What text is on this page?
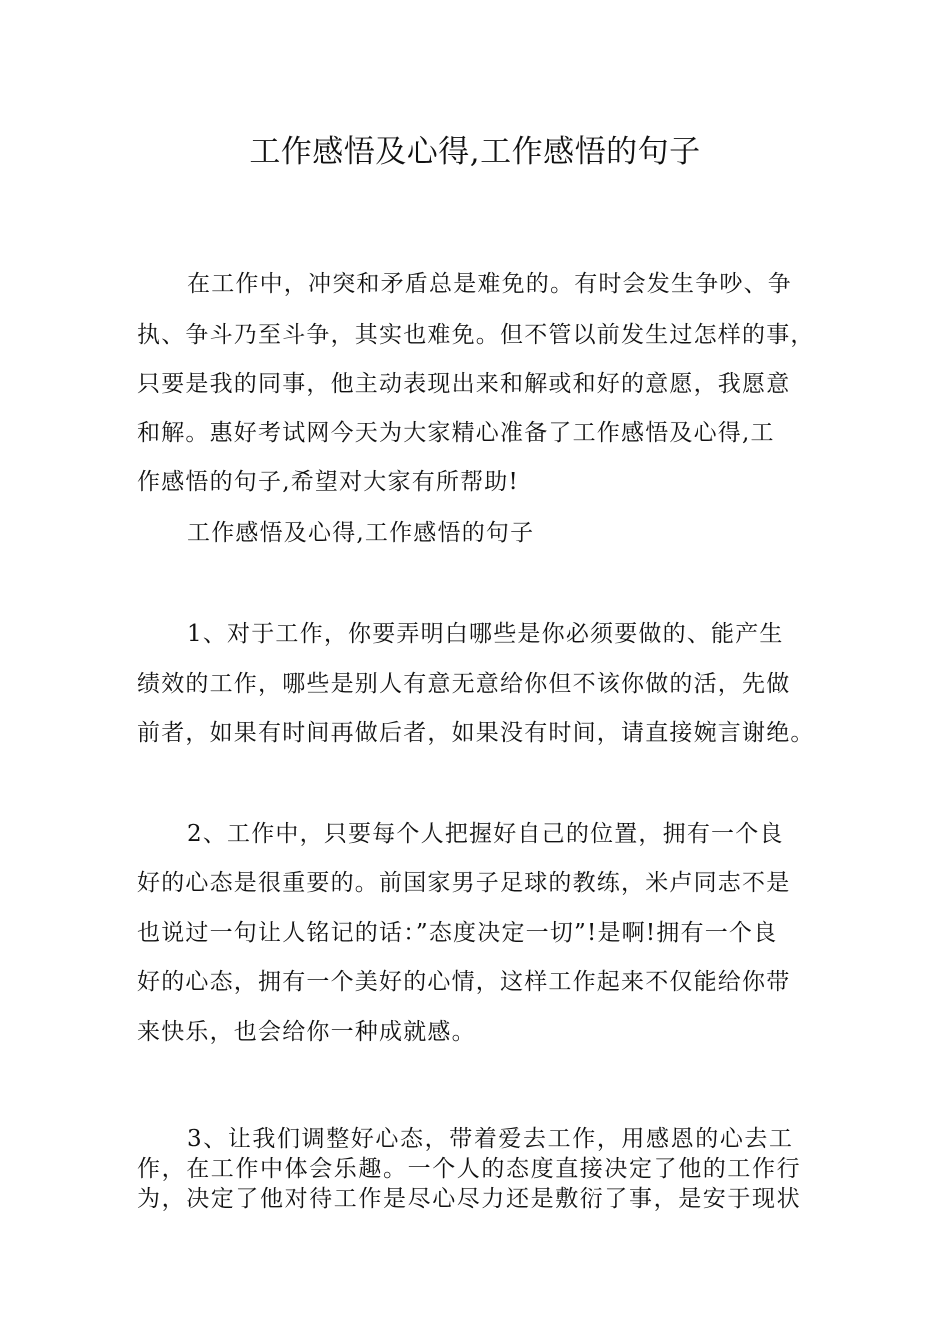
工作感悟及心得,工作感悟的句子
在工作中，冲突和矛盾总是难免的。有时会发生争吵、争
执、争斗乃至斗争，其实也难免。但不管以前发生过怎样的事，
只要是我的同事，他主动表现出来和解或和好的意愿，我愿意
和解。惠好考试网今天为大家精心准备了工作感悟及心得,工
作感悟的句子,希望对大家有所帮助!
工作感悟及心得,工作感悟的句子
1、对于工作，你要弄明白哪些是你必须要做的、能产生
绩效的工作，哪些是别人有意无意给你但不该你做的活，先做
前者，如果有时间再做后者，如果没有时间，请直接婉言谢绝。
2、工作中，只要每个人把握好自己的位置，拥有一个良
好的心态是很重要的。前国家男子足球的教练，米卢同志不是
也说过一句让人铭记的话：”态度决定一切”!是啊!拥有一个良
好的心态，拥有一个美好的心情，这样工作起来不仅能给你带
来快乐，也会给你一种成就感。
3、让我们调整好心态，带着爱去工作，用感恩的心去工
作，在工作中体会乐趣。一个人的态度直接决定了他的工作行
为，决定了他对待工作是尽心尽力还是敷衍了事，是安于现状
